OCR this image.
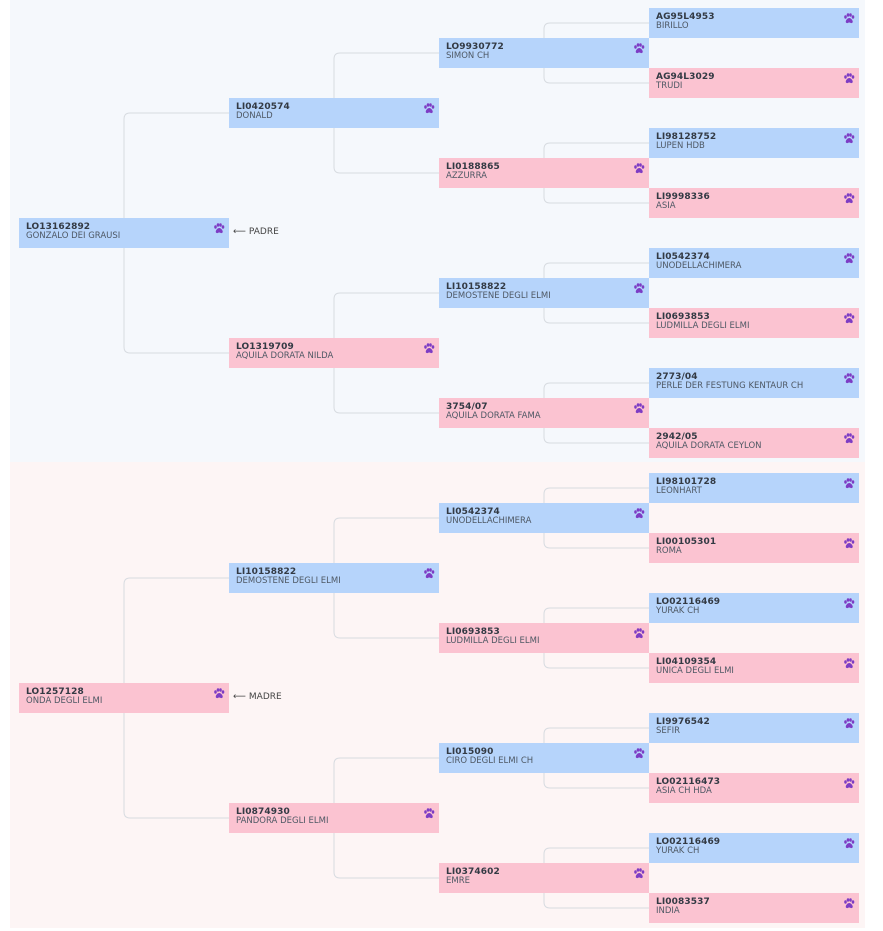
⟵ PADRE
⟵ MADRE
LO13162892
GONZALO DEI GRAUSI
LI0420574
DONALD
LO9930772
SIMON CH
AG95L4953
BIRILLO
AG94L3029
TRUDI
LI0188865
AZZURRA
LI98128752
LUPEN HDB
LI9998336
ASIA
LO1319709
AQUILA DORATA NILDA
LI10158822
DEMOSTENE DEGLI ELMI
LI0542374
UNODELLACHIMERA
LI0693853
LUDMILLA DEGLI ELMI
3754/07
AQUILA DORATA FAMA
2773/04
PERLE DER FESTUNG KENTAUR CH
2942/05
AQUILA DORATA CEYLON
LO1257128
ONDA DEGLI ELMI
LI10158822
DEMOSTENE DEGLI ELMI
LI0542374
UNODELLACHIMERA
LI98101728
LEONHART
LI00105301
ROMA
LI0693853
LUDMILLA DEGLI ELMI
LO02116469
YURAK CH
LI04109354
UNICA DEGLI ELMI
LI0874930
PANDORA DEGLI ELMI
LI015090
CIRO DEGLI ELMI CH
LI9976542
SEFIR
LO02116473
ASIA CH HDA
LI0374602
EMRE
LO02116469
YURAK CH
LI0083537
INDIA
